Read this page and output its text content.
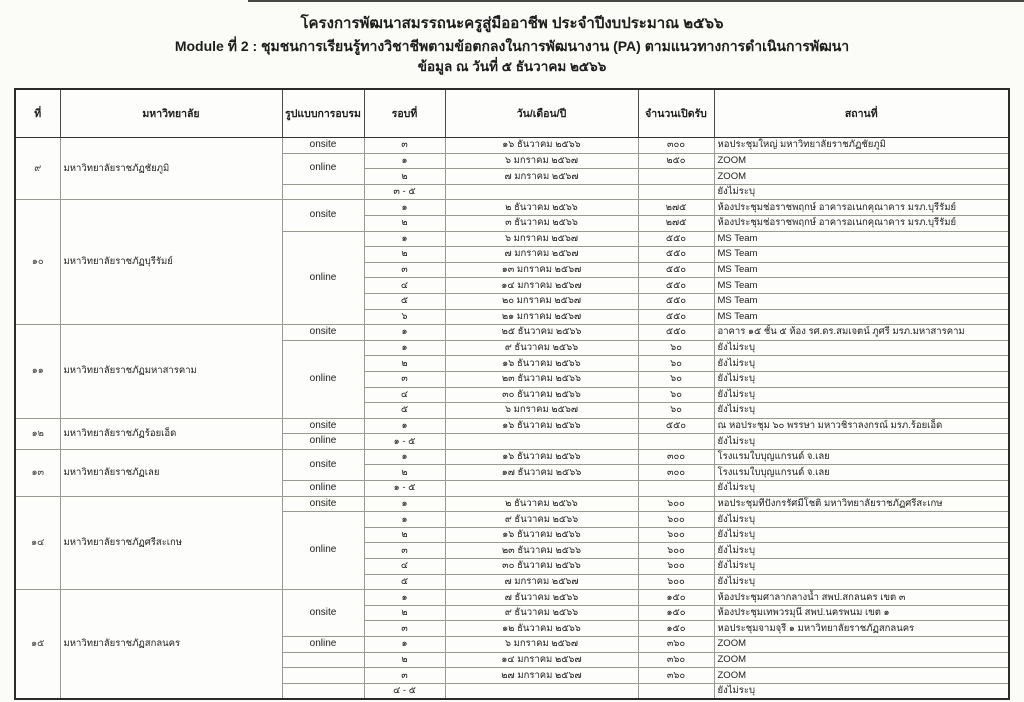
โครงการพัฒนาสมรรถนะครูสู่มืออาชีพ ประจำปีงบประมาณ ๒๕๖๖
Module ที่ 2 : ชุมชนการเรียนรู้ทางวิชาชีพตามข้อตกลงในการพัฒนางาน (PA) ตามแนวทางการดำเนินการพัฒนา
ข้อมูล ณ วันที่ ๕ ธันวาคม ๒๕๖๖
ที่	มหาวิทยาลัย	รูปแบบการอบรม	รอบที่	วัน/เดือน/ปี	จำนวนเปิดรับ	สถานที่
๙	มหาวิทยาลัยราชภัฏชัยภูมิ	onsite	๓	๑๖ ธันวาคม ๒๕๖๖	๓๐๐	หอประชุมใหญ่ มหาวิทยาลัยราชภัฏชัยภูมิ
		online	๑	๖ มกราคม ๒๕๖๗	๒๕๐	ZOOM
			๒	๗ มกราคม ๒๕๖๗		ZOOM
			๓ - ๕			ยังไม่ระบุ
๑๐	มหาวิทยาลัยราชภัฏบุรีรัมย์	onsite	๑	๒ ธันวาคม ๒๕๖๖	๒๗๕	ห้องประชุมช่อราชพฤกษ์ อาคารอเนกคุณาคาร มรภ.บุรีรัมย์
			๒	๓ ธันวาคม ๒๕๖๖	๒๗๕	ห้องประชุมช่อราชพฤกษ์ อาคารอเนกคุณาคาร มรภ.บุรีรัมย์
		online	๑	๖ มกราคม ๒๕๖๗	๕๕๐	MS Team
			๒	๗ มกราคม ๒๕๖๗	๕๕๐	MS Team
			๓	๑๓ มกราคม ๒๕๖๗	๕๕๐	MS Team
			๔	๑๔ มกราคม ๒๕๖๗	๕๕๐	MS Team
			๕	๒๐ มกราคม ๒๕๖๗	๕๕๐	MS Team
			๖	๒๑ มกราคม ๒๕๖๗	๕๕๐	MS Team
๑๑	มหาวิทยาลัยราชภัฏมหาสารคาม	onsite	๑	๒๕ ธันวาคม ๒๕๖๖	๕๕๐	อาคาร ๑๕ ชั้น ๕ ห้อง รศ.ดร.สมเจตน์ ภูศรี มรภ.มหาสารคาม
		online	๑	๙ ธันวาคม ๒๕๖๖	๖๐	ยังไม่ระบุ
			๒	๑๖ ธันวาคม ๒๕๖๖	๖๐	ยังไม่ระบุ
			๓	๒๓ ธันวาคม ๒๕๖๖	๖๐	ยังไม่ระบุ
			๔	๓๐ ธันวาคม ๒๕๖๖	๖๐	ยังไม่ระบุ
			๕	๖ มกราคม ๒๕๖๗	๖๐	ยังไม่ระบุ
๑๒	มหาวิทยาลัยราชภัฏร้อยเอ็ด	onsite	๑	๑๖ ธันวาคม ๒๕๖๖	๕๕๐	ณ หอประชุม ๖๐ พรรษา มหาวชิราลงกรณ์ มรภ.ร้อยเอ็ด
		online	๑ - ๕			ยังไม่ระบุ
๑๓	มหาวิทยาลัยราชภัฏเลย	onsite	๑	๑๖ ธันวาคม ๒๕๖๖	๓๐๐	โรงแรมใบบุญแกรนด์ จ.เลย
			๒	๑๗ ธันวาคม ๒๕๖๖	๓๐๐	โรงแรมใบบุญแกรนด์ จ.เลย
		online	๑ - ๕			ยังไม่ระบุ
๑๔	มหาวิทยาลัยราชภัฏศรีสะเกษ	onsite	๑	๒ ธันวาคม ๒๕๖๖	๖๐๐	หอประชุมทีปังกรรัศมีโชติ มหาวิทยาลัยราชภัฏศรีสะเกษ
		online	๑	๙ ธันวาคม ๒๕๖๖	๖๐๐	ยังไม่ระบุ
			๒	๑๖ ธันวาคม ๒๕๖๖	๖๐๐	ยังไม่ระบุ
			๓	๒๓ ธันวาคม ๒๕๖๖	๖๐๐	ยังไม่ระบุ
			๔	๓๐ ธันวาคม ๒๕๖๖	๖๐๐	ยังไม่ระบุ
			๕	๗ มกราคม ๒๕๖๗	๖๐๐	ยังไม่ระบุ
๑๕	มหาวิทยาลัยราชภัฏสกลนคร	onsite	๑	๗ ธันวาคม ๒๕๖๖	๑๕๐	ห้องประชุมศาลากลางน้ำ สพป.สกลนคร เขต ๓
			๒	๙ ธันวาคม ๒๕๖๖	๑๕๐	ห้องประชุมเทพวรมุนี สพป.นครพนม เขต ๑
			๓	๑๒ ธันวาคม ๒๕๖๖	๑๕๐	หอประชุมจามจุรี ๑ มหาวิทยาลัยราชภัฏสกลนคร
		online	๑	๖ มกราคม ๒๕๖๗	๓๖๐	ZOOM
			๒	๑๔ มกราคม ๒๕๖๗	๓๖๐	ZOOM
			๓	๒๗ มกราคม ๒๕๖๗	๓๖๐	ZOOM
			๔ - ๕			ยังไม่ระบุ
